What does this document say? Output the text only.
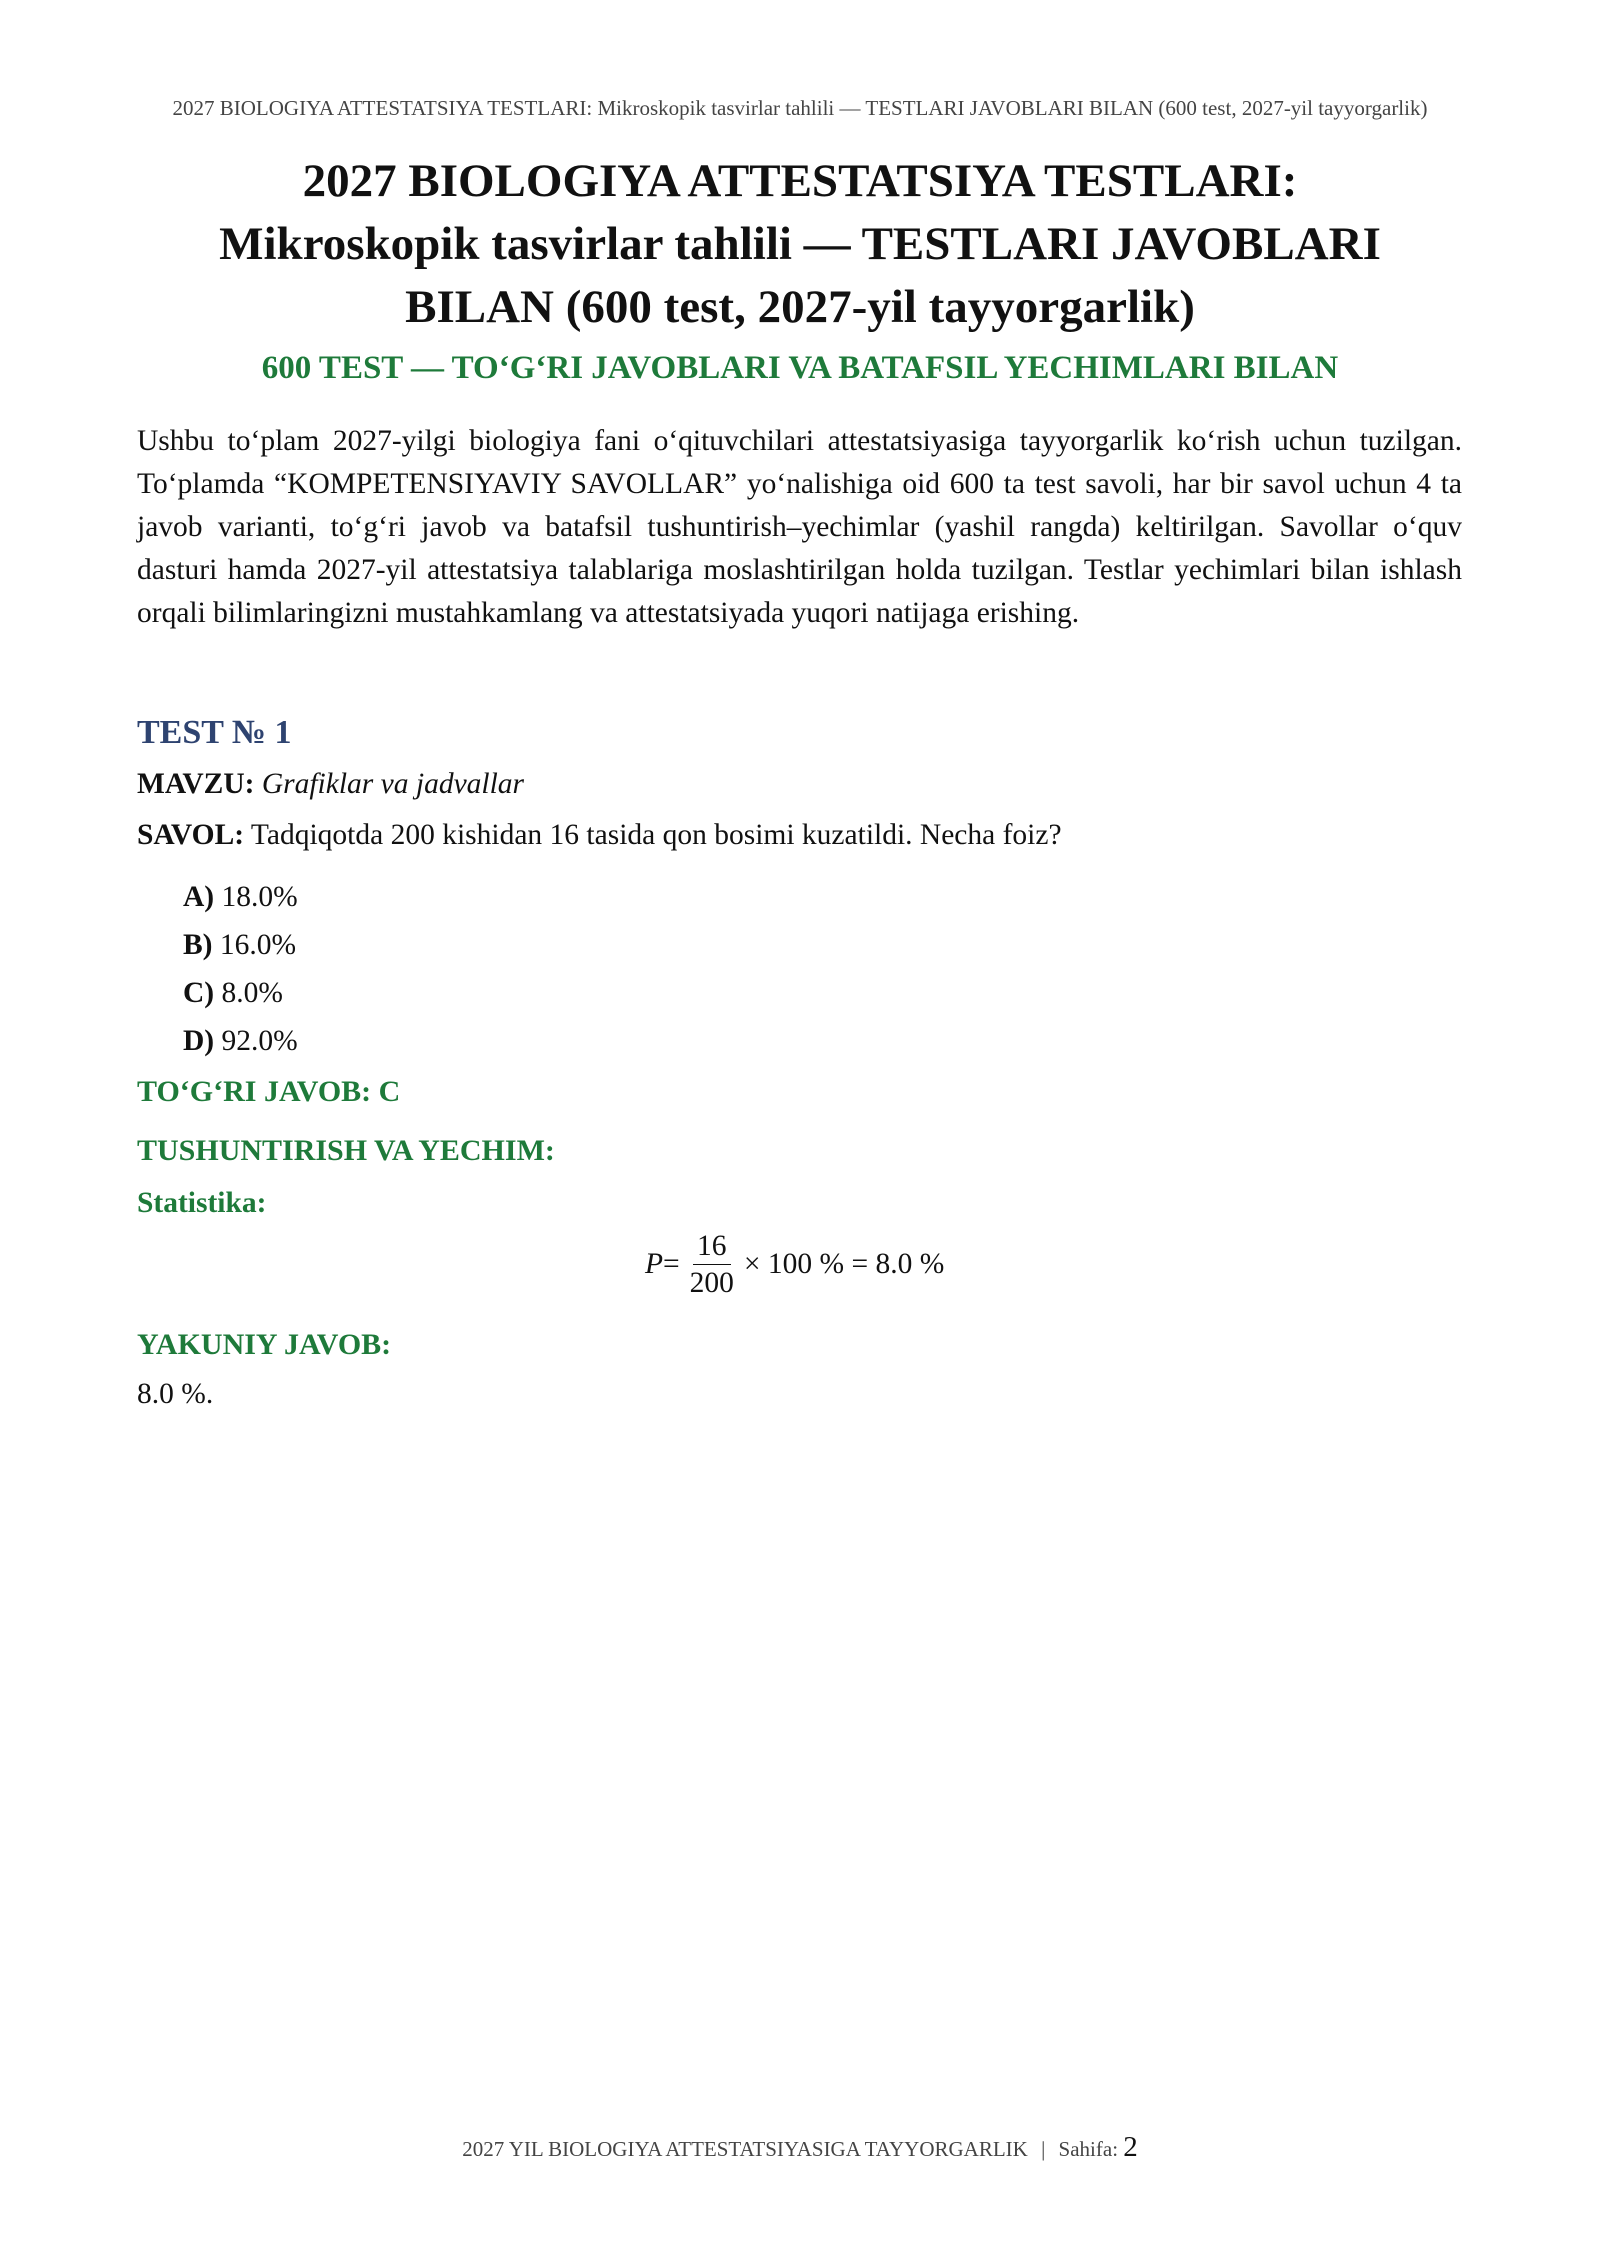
2027 BIOLOGIYA ATTESTATSIYA TESTLARI: Mikroskopik tasvirlar tahlili — TESTLARI JAVOBLARI BILAN (600 test, 2027-yil tayyorgarlik)
2027 BIOLOGIYA ATTESTATSIYA TESTLARI:
Mikroskopik tasvirlar tahlili — TESTLARI JAVOBLARI
BILAN (600 test, 2027-yil tayyorgarlik)
600 TEST — TO‘G‘RI JAVOBLARI VA BATAFSIL YECHIMLARI BILAN

Ushbu to‘plam 2027-yilgi biologiya fani o‘qituvchilari attestatsiyasiga tayyorgarlik ko‘rish uchun tuzilgan. To‘plamda “KOMPETENSIYAVIY SAVOLLAR” yo‘nalishiga oid 600 ta test savoli, har bir savol uchun 4 ta javob varianti, to‘g‘ri javob va batafsil tushuntirish–yechimlar (yashil rangda) keltirilgan. Savollar o‘quv dasturi hamda 2027-yil attestatsiya talablariga moslashtirilgan holda tuzilgan. Testlar yechimlari bilan ishlash orqali bilimlaringizni mustahkamlang va attestatsiyada yuqori natijaga erishing.

TEST № 1
MAVZU: Grafiklar va jadvallar
SAVOL: Tadqiqotda 200 kishidan 16 tasida qon bosimi kuzatildi. Necha foiz?
A) 18.0%
B) 16.0%
C) 8.0%
D) 92.0%
TO‘G‘RI JAVOB: C
TUSHUNTIRISH VA YECHIM:
Statistika:
$P = \frac{16}{200} \times 100$ % = 8.0 %
YAKUNIY JAVOB:
8.0 %.
2027 YIL BIOLOGIYA ATTESTATSIYASIGA TAYYORGARLIK | Sahifa: 2
